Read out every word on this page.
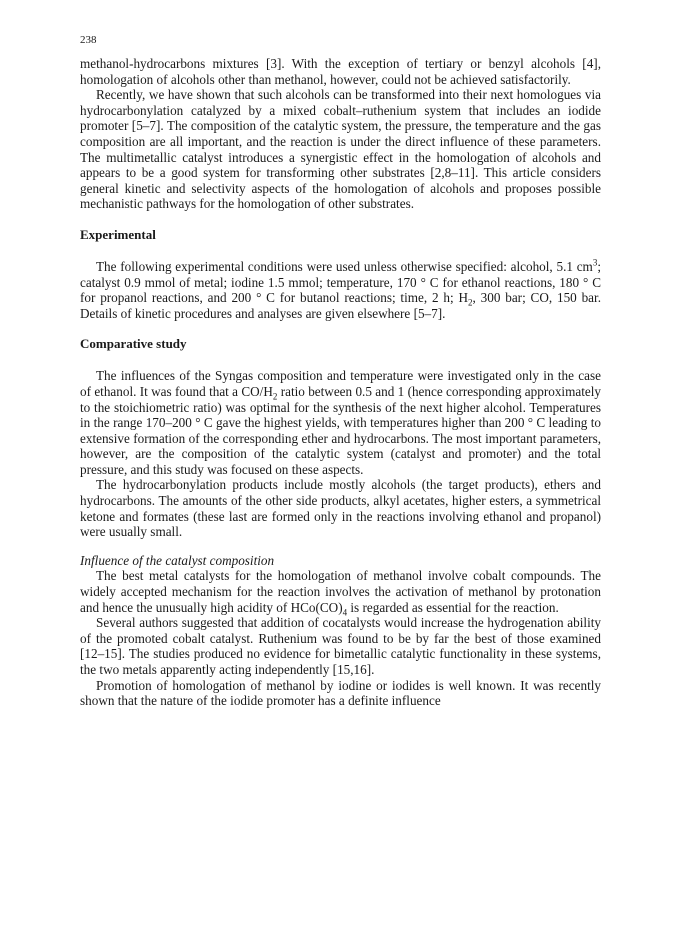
238

methanol-hydrocarbons mixtures [3]. With the exception of tertiary or benzyl alcohols [4], homologation of alcohols other than methanol, however, could not be achieved satisfactorily.

Recently, we have shown that such alcohols can be transformed into their next homologues via hydrocarbonylation catalyzed by a mixed cobalt–ruthenium system that includes an iodide promoter [5–7]. The composition of the catalytic system, the pressure, the temperature and the gas composition are all important, and the reaction is under the direct influence of these parameters. The multimetallic catalyst introduces a synergistic effect in the homologation of alcohols and appears to be a good system for transforming other substrates [2,8–11]. This article considers general kinetic and selectivity aspects of the homologation of alcohols and proposes possible mechanistic pathways for the homologation of other substrates.

Experimental

The following experimental conditions were used unless otherwise specified: alcohol, 5.1 $cm^3$; catalyst 0.9 mmol of metal; iodine 1.5 mmol; temperature, 170 ° C for ethanol reactions, 180 ° C for propanol reactions, and 200 ° C for butanol reactions; time, 2 h; $H_2$, 300 bar; CO, 150 bar. Details of kinetic procedures and analyses are given elsewhere [5–7].

Comparative study

The influences of the Syngas composition and temperature were investigated only in the case of ethanol. It was found that a $CO/H_2$ ratio between 0.5 and 1 (hence corresponding approximately to the stoichiometric ratio) was optimal for the synthesis of the next higher alcohol. Temperatures in the range 170–200 ° C gave the highest yields, with temperatures higher than 200 ° C leading to extensive formation of the corresponding ether and hydrocarbons. The most important parameters, however, are the composition of the catalytic system (catalyst and promoter) and the total pressure, and this study was focused on these aspects.

The hydrocarbonylation products include mostly alcohols (the target products), ethers and hydrocarbons. The amounts of the other side products, alkyl acetates, higher esters, a symmetrical ketone and formates (these last are formed only in the reactions involving ethanol and propanol) were usually small.

Influence of the catalyst composition

The best metal catalysts for the homologation of methanol involve cobalt compounds. The widely accepted mechanism for the reaction involves the activation of methanol by protonation and hence the unusually high acidity of $HCo(CO)_4$ is regarded as essential for the reaction.

Several authors suggested that addition of cocatalysts would increase the hydrogenation ability of the promoted cobalt catalyst. Ruthenium was found to be by far the best of those examined [12–15]. The studies produced no evidence for bimetallic catalytic functionality in these systems, the two metals apparently acting independently [15,16].

Promotion of homologation of methanol by iodine or iodides is well known. It was recently shown that the nature of the iodide promoter has a definite influence
